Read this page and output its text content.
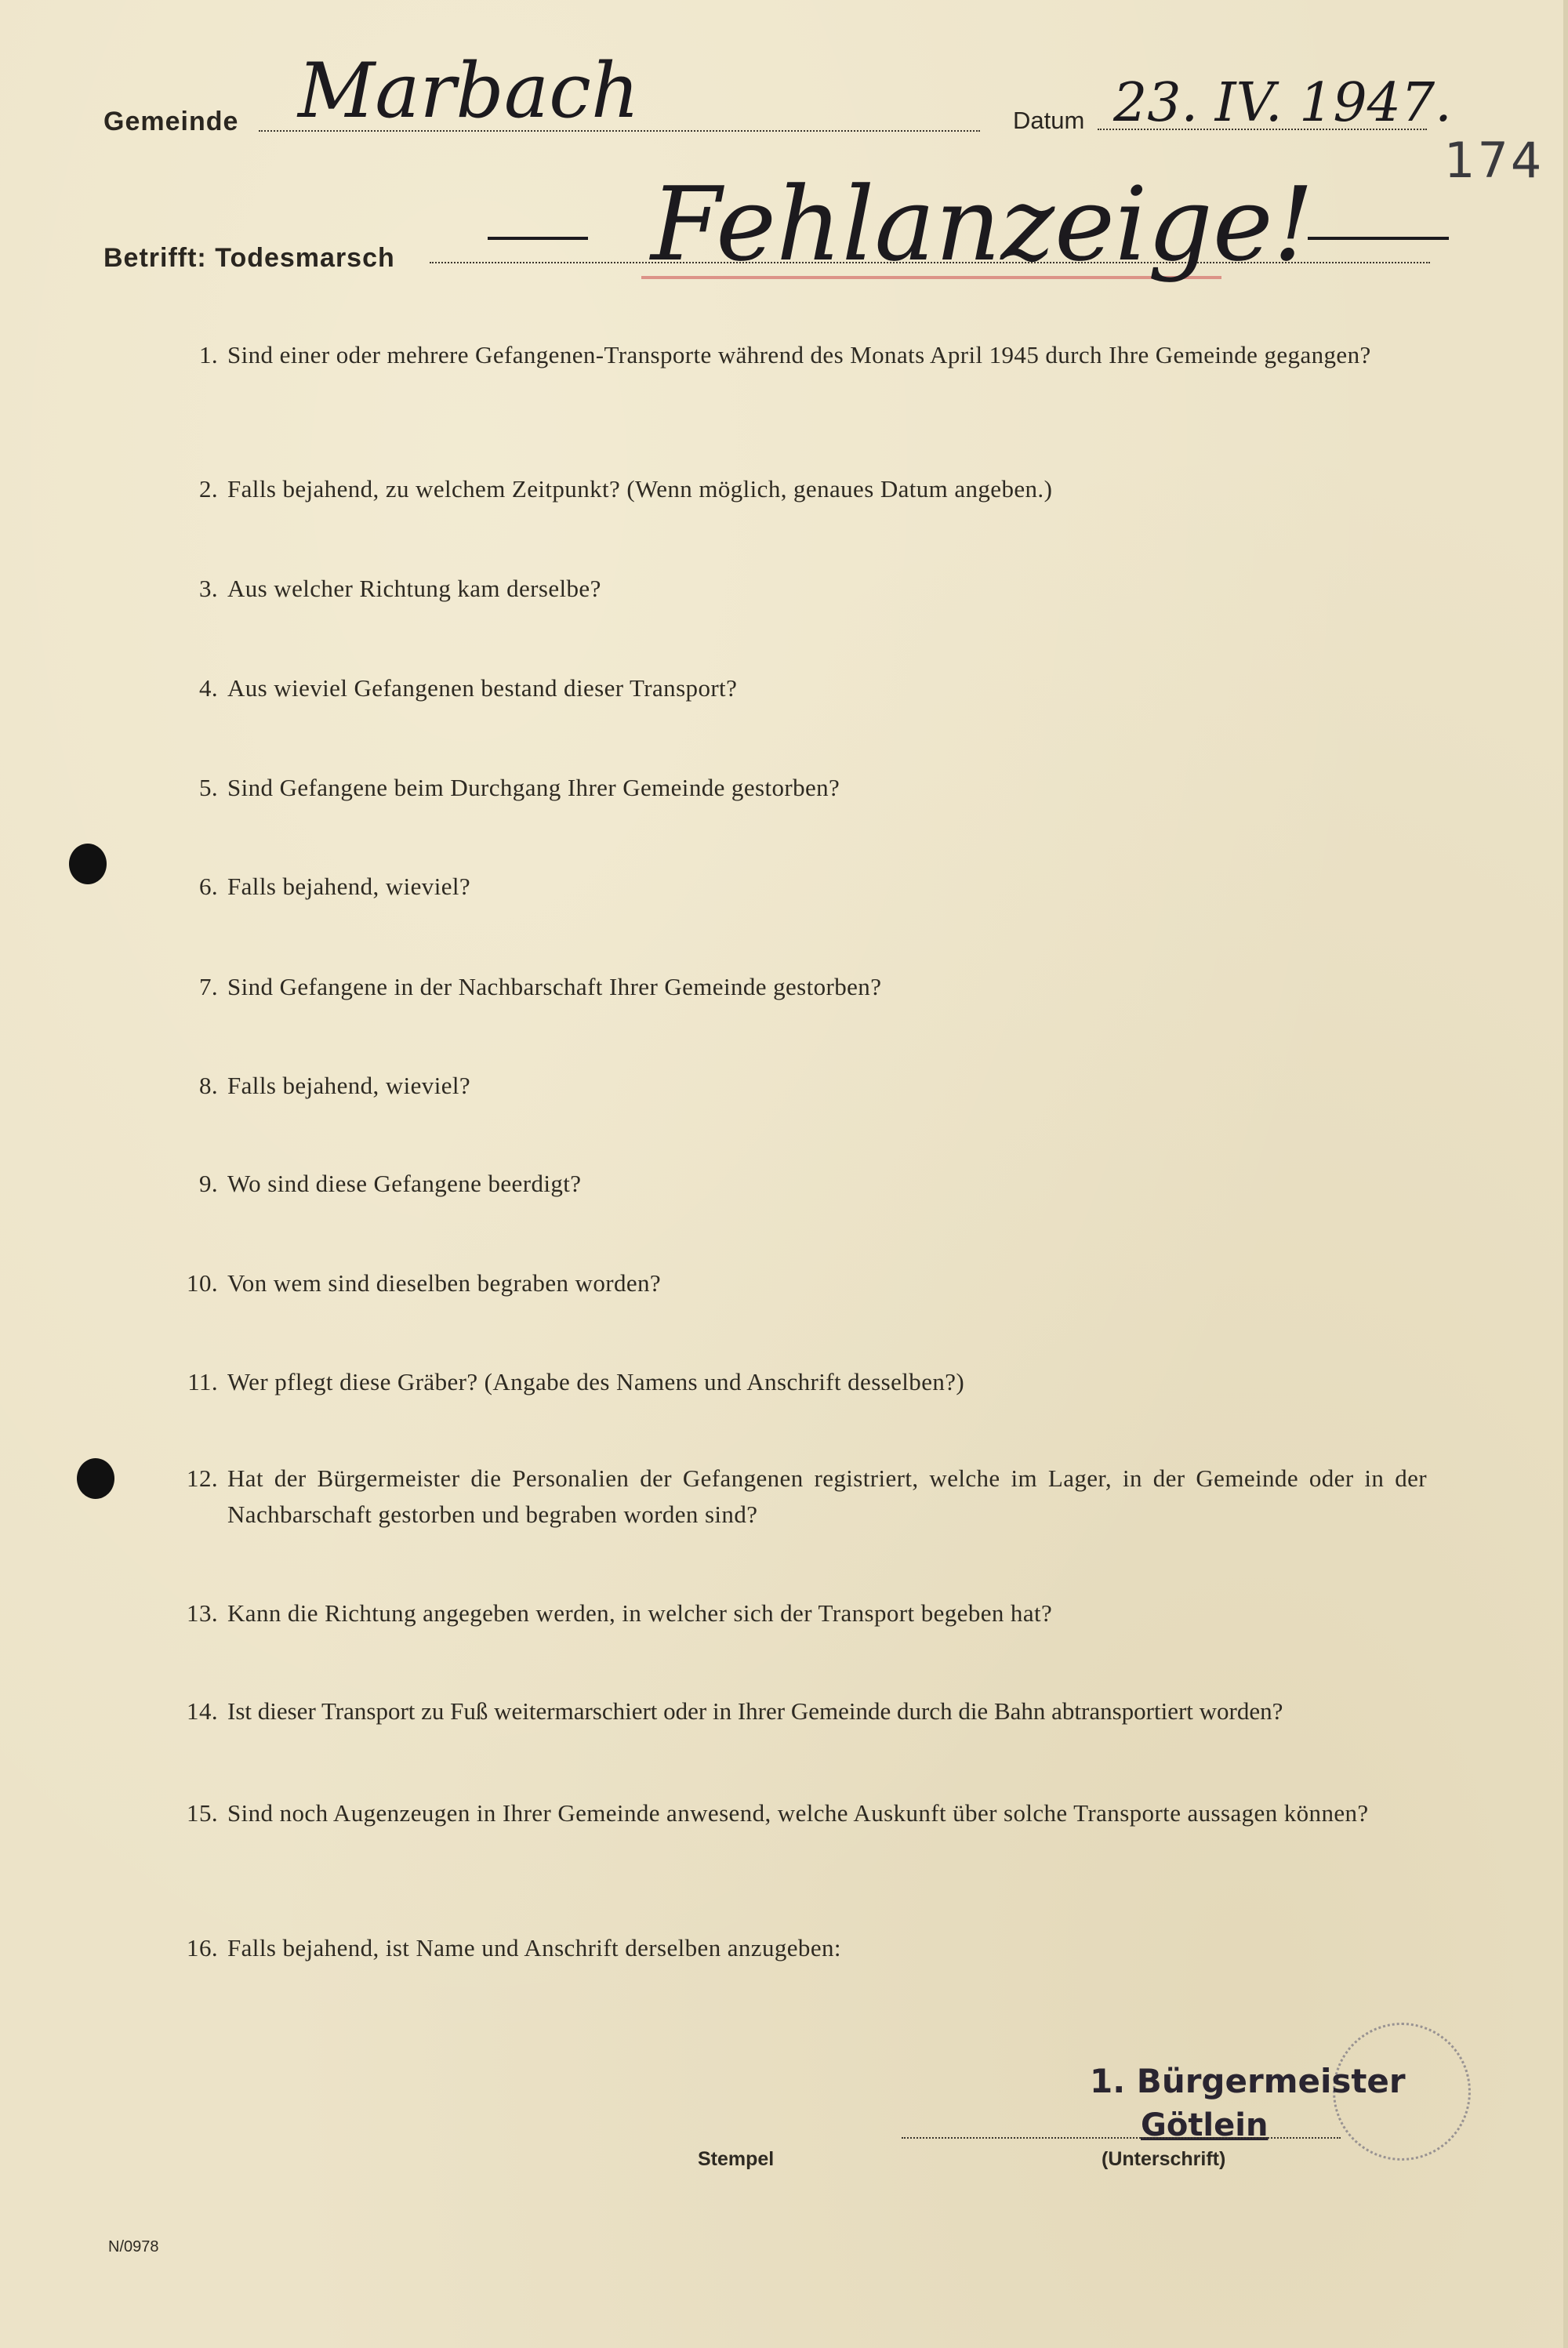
Gemeinde Marbach	Datum 23. IV. 1947.
174
Betrifft: Todesmarsch	Fehlanzeige!
1. Sind einer oder mehrere Gefangenen-Transporte während des Monats April 1945 durch Ihre Gemeinde gegangen?
2. Falls bejahend, zu welchem Zeitpunkt? (Wenn möglich, genaues Datum angeben.)
3. Aus welcher Richtung kam derselbe?
4. Aus wieviel Gefangenen bestand dieser Transport?
5. Sind Gefangene beim Durchgang Ihrer Gemeinde gestorben?
6. Falls bejahend, wieviel?
7. Sind Gefangene in der Nachbarschaft Ihrer Gemeinde gestorben?
8. Falls bejahend, wieviel?
9. Wo sind diese Gefangene beerdigt?
10. Von wem sind dieselben begraben worden?
11. Wer pflegt diese Gräber? (Angabe des Namens und Anschrift desselben?)
12. Hat der Bürgermeister die Personalien der Gefangenen registriert, welche im Lager, in der Gemeinde oder in der Nachbarschaft gestorben und begraben worden sind?
13. Kann die Richtung angegeben werden, in welcher sich der Transport begeben hat?
14. Ist dieser Transport zu Fuß weitermarschiert oder in Ihrer Gemeinde durch die Bahn abtransportiert worden?
15. Sind noch Augenzeugen in Ihrer Gemeinde anwesend, welche Auskunft über solche Transporte aussagen können?
16. Falls bejahend, ist Name und Anschrift derselben anzugeben:
1. Bürgermeister
Götlein
Stempel	(Unterschrift)
N/0978
